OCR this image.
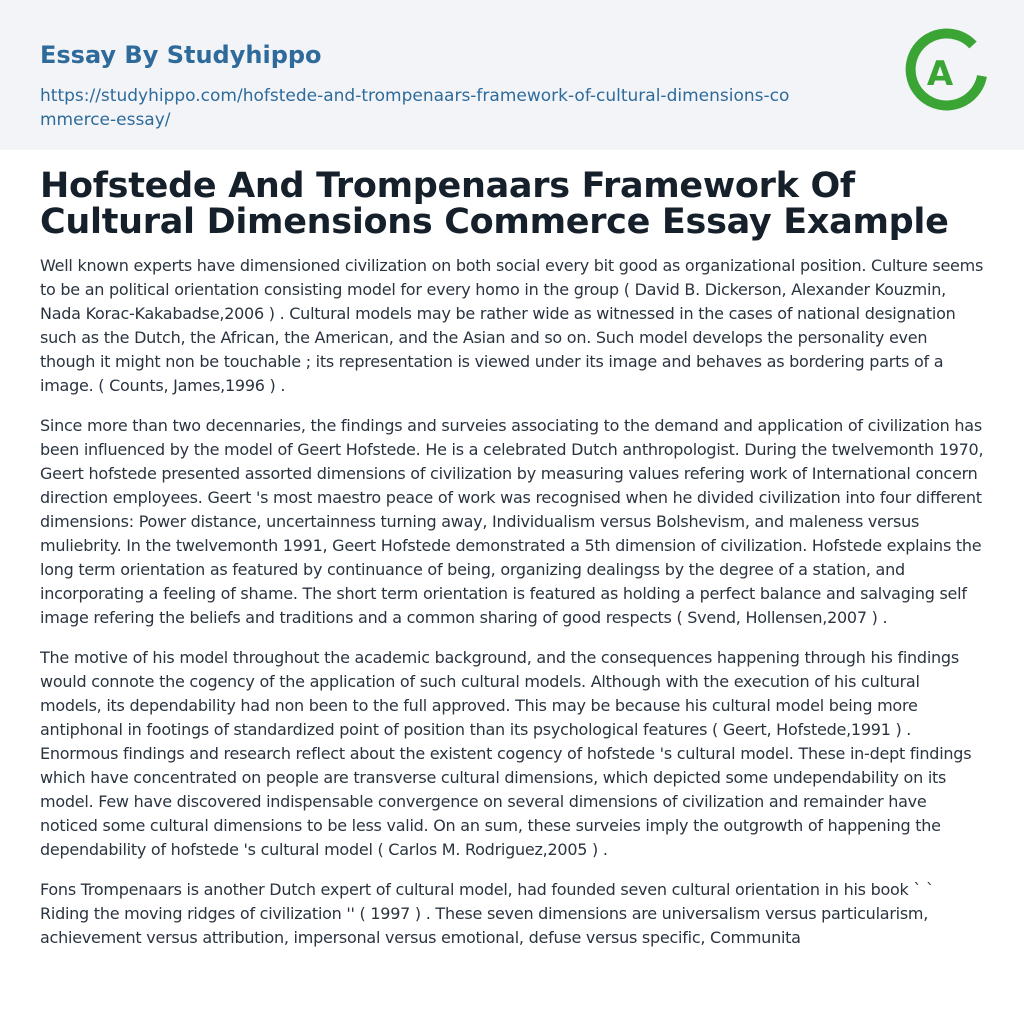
Essay By Studyhippo
https://studyhippo.com/hofstede-and-trompenaars-framework-of-cultural-dimensions-commerce-essay/
A
Hofstede And Trompenaars Framework Of Cultural Dimensions Commerce Essay Example

Well known experts have dimensioned civilization on both social every bit good as organizational position. Culture seems to be an political orientation consisting model for every homo in the group ( David B. Dickerson, Alexander Kouzmin, Nada Korac-Kakabadse,2006 ) . Cultural models may be rather wide as witnessed in the cases of national designation such as the Dutch, the African, the American, and the Asian and so on. Such model develops the personality even though it might non be touchable ; its representation is viewed under its image and behaves as bordering parts of a image. ( Counts, James,1996 ) .

Since more than two decennaries, the findings and surveies associating to the demand and application of civilization has been influenced by the model of Geert Hofstede. He is a celebrated Dutch anthropologist. During the twelvemonth 1970, Geert hofstede presented assorted dimensions of civilization by measuring values refering work of International concern direction employees. Geert 's most maestro peace of work was recognised when he divided civilization into four different dimensions: Power distance, uncertainness turning away, Individualism versus Bolshevism, and maleness versus muliebrity. In the twelvemonth 1991, Geert Hofstede demonstrated a 5th dimension of civilization. Hofstede explains the long term orientation as featured by continuance of being, organizing dealingss by the degree of a station, and incorporating a feeling of shame. The short term orientation is featured as holding a perfect balance and salvaging self image refering the beliefs and traditions and a common sharing of good respects ( Svend, Hollensen,2007 ) .

The motive of his model throughout the academic background, and the consequences happening through his findings would connote the cogency of the application of such cultural models. Although with the execution of his cultural models, its dependability had non been to the full approved. This may be because his cultural model being more antiphonal in footings of standardized point of position than its psychological features ( Geert, Hofstede,1991 ) . Enormous findings and research reflect about the existent cogency of hofstede 's cultural model. These in-dept findings which have concentrated on people are transverse cultural dimensions, which depicted some undependability on its model. Few have discovered indispensable convergence on several dimensions of civilization and remainder have noticed some cultural dimensions to be less valid. On an sum, these surveies imply the outgrowth of happening the dependability of hofstede 's cultural model ( Carlos M. Rodriguez,2005 ) .

Fons Trompenaars is another Dutch expert of cultural model, had founded seven cultural orientation in his book ` ` Riding the moving ridges of civilization '' ( 1997 ) . These seven dimensions are universalism versus particularism, achievement versus attribution, impersonal versus emotional, defuse versus specific, Communita
